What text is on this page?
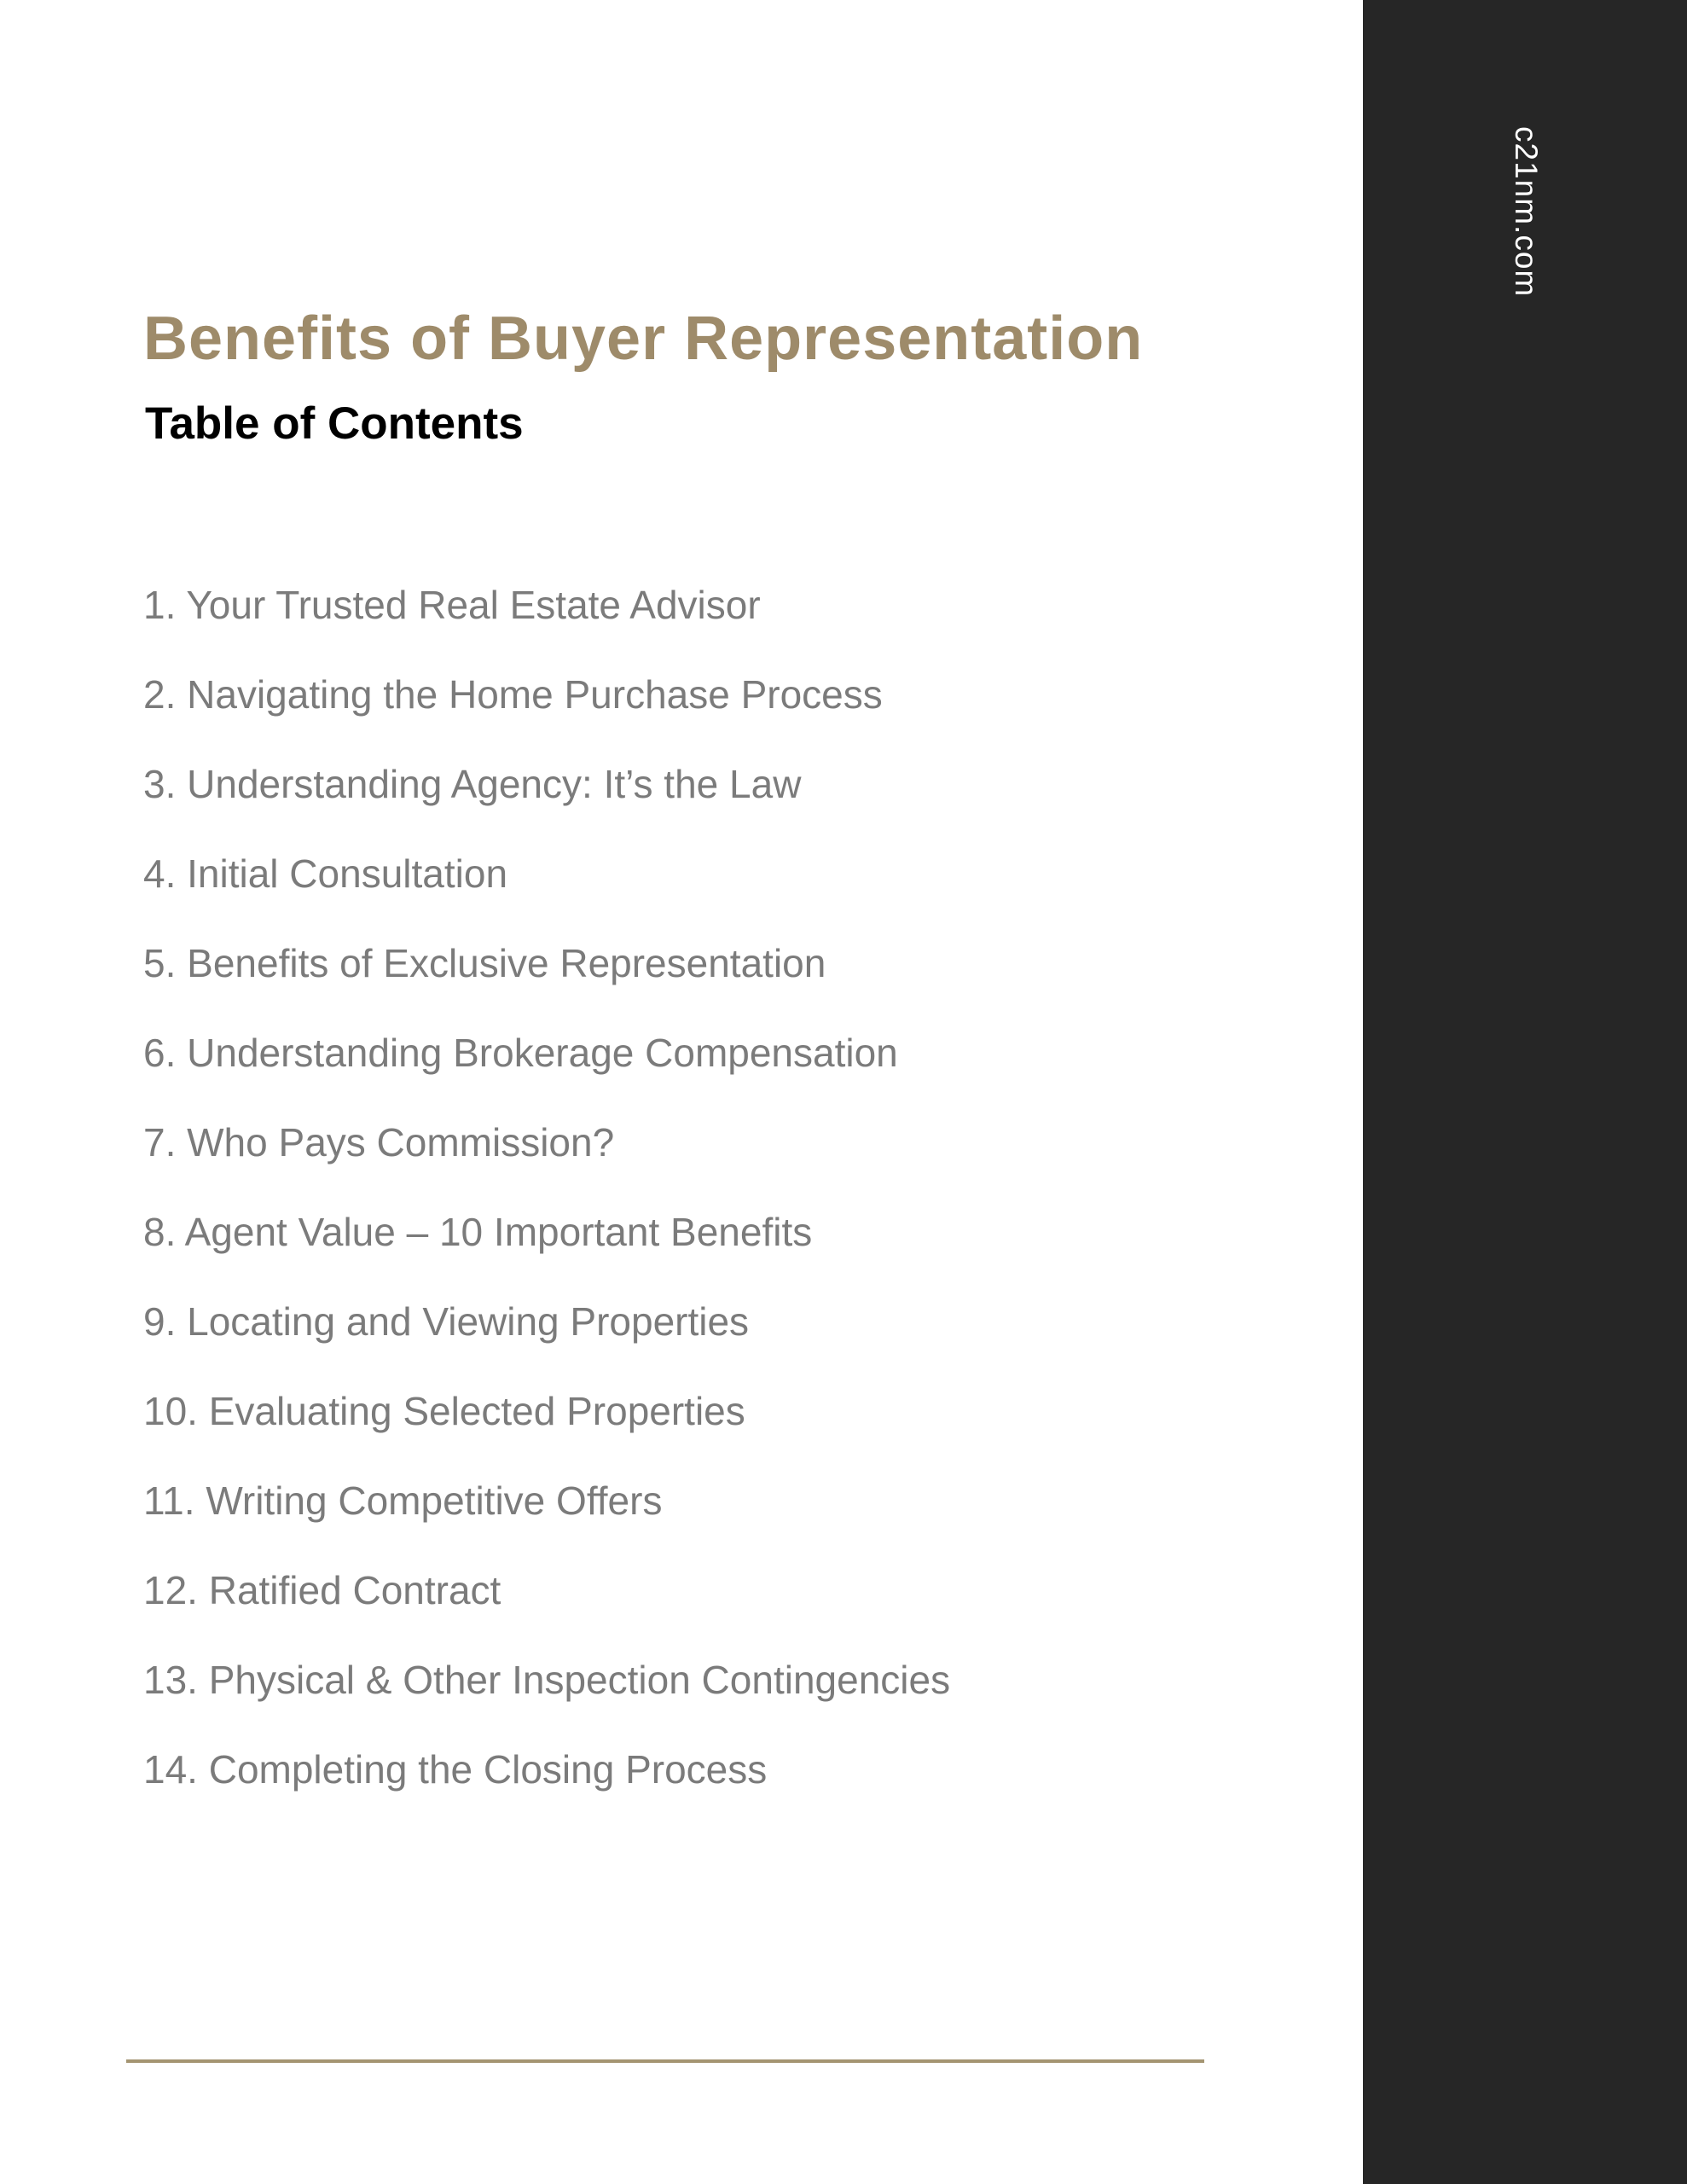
c21nm.com
Benefits of Buyer Representation
Table of Contents
1. Your Trusted Real Estate Advisor
2. Navigating the Home Purchase Process
3. Understanding Agency: It’s the Law
4. Initial Consultation
5. Benefits of Exclusive Representation
6. Understanding Brokerage Compensation
7. Who Pays Commission?
8. Agent Value – 10 Important Benefits
9. Locating and Viewing Properties
10. Evaluating Selected Properties
11. Writing Competitive Offers
12. Ratified Contract
13. Physical & Other Inspection Contingencies
14. Completing the Closing Process
